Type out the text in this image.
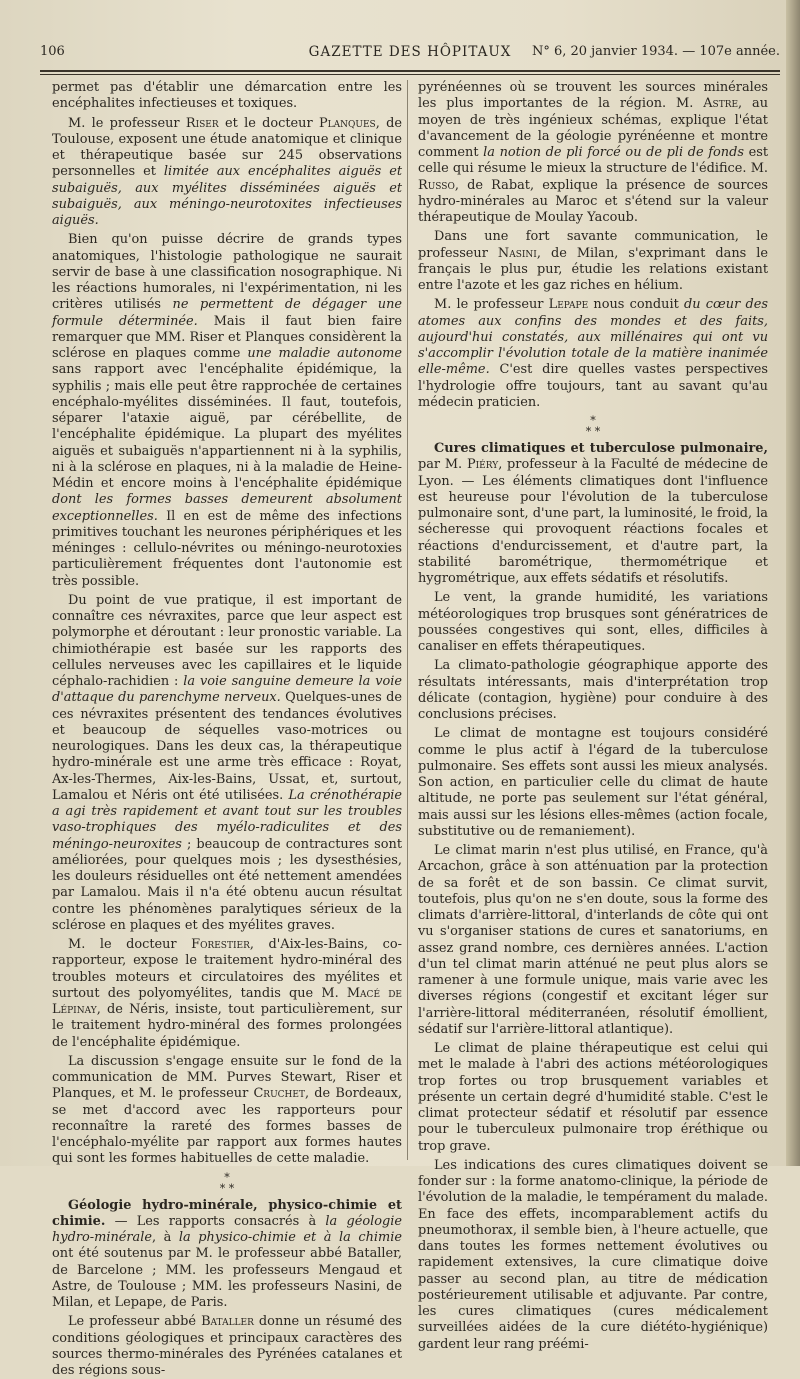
106	GAZETTE DES HÔPITAUX	N° 6, 20 janvier 1934. — 107e année.

permet pas d'établir une démarcation entre les encéphalites infectieuses et toxiques.

M. le professeur Riser et le docteur Planques, de Toulouse, exposent une étude anatomique et clinique et thérapeutique basée sur 245 observations personnelles et limitée aux encéphalites aiguës et subaiguës, aux myélites disséminées aiguës et subaiguës, aux méningo-neurotoxites infectieuses aiguës.

Bien qu'on puisse décrire de grands types anatomiques, l'histologie pathologique ne saurait servir de base à une classification nosographique. Ni les réactions humorales, ni l'expérimentation, ni les critères utilisés ne permettent de dégager une formule déterminée. Mais il faut bien faire remarquer que MM. Riser et Planques considèrent la sclérose en plaques comme une maladie autonome sans rapport avec l'encéphalite épidémique, la syphilis ; mais elle peut être rapprochée de certaines encéphalo-myélites disséminées. Il faut, toutefois, séparer l'ataxie aiguë, par cérébellite, de l'encéphalite épidémique. La plupart des myélites aiguës et subaiguës n'appartiennent ni à la syphilis, ni à la sclérose en plaques, ni à la maladie de Heine-Médin et encore moins à l'encéphalite épidémique dont les formes basses demeurent absolument exceptionnelles. Il en est de même des infections primitives touchant les neurones périphériques et les méninges : cellulo-névrites ou méningo-neurotoxies particulièrement fréquentes dont l'autonomie est très possible.

Du point de vue pratique, il est important de connaître ces névraxites, parce que leur aspect est polymorphe et déroutant : leur pronostic variable. La chimiothérapie est basée sur les rapports des cellules nerveuses avec les capillaires et le liquide céphalo-rachidien : la voie sanguine demeure la voie d'attaque du parenchyme nerveux. Quelques-unes de ces névraxites présentent des tendances évolutives et beaucoup de séquelles vaso-motrices ou neurologiques. Dans les deux cas, la thérapeutique hydro-minérale est une arme très efficace : Royat, Ax-les-Thermes, Aix-les-Bains, Ussat, et, surtout, Lamalou et Néris ont été utilisées. La crénothérapie a agi très rapidement et avant tout sur les troubles vaso-trophiques des myélo-radiculites et des méningo-neuroxites ; beaucoup de contractures sont améliorées, pour quelques mois ; les dysesthésies, les douleurs résiduelles ont été nettement amendées par Lamalou. Mais il n'a été obtenu aucun résultat contre les phénomènes paralytiques sérieux de la sclérose en plaques et des myélites graves.

M. le docteur Forestier, d'Aix-les-Bains, co-rapporteur, expose le traitement hydro-minéral des troubles moteurs et circulatoires des myélites et surtout des polyomyélites, tandis que M. Macé de Lépinay, de Néris, insiste, tout particulièrement, sur le traitement hydro-minéral des formes prolongées de l'encéphalite épidémique.

La discussion s'engage ensuite sur le fond de la communication de MM. Purves Stewart, Riser et Planques, et M. le professeur Cruchet, de Bordeaux, se met d'accord avec les rapporteurs pour reconnaître la rareté des formes basses de l'encéphalo-myélite par rapport aux formes hautes qui sont les formes habituelles de cette maladie.

*
* *

Géologie hydro-minérale, physico-chimie et chimie. — Les rapports consacrés à la géologie hydro-minérale, à la physico-chimie et à la chimie ont été soutenus par M. le professeur abbé Bataller, de Barcelone ; MM. les professeurs Mengaud et Astre, de Toulouse ; MM. les professeurs Nasini, de Milan, et Lepape, de Paris.

Le professeur abbé Bataller donne un résumé des conditions géologiques et principaux caractères des sources thermo-minérales des Pyrénées catalanes et des régions sous-

pyrénéennes où se trouvent les sources minérales les plus importantes de la région. M. Astre, au moyen de très ingénieux schémas, explique l'état d'avancement de la géologie pyrénéenne et montre comment la notion de pli forcé ou de pli de fonds est celle qui résume le mieux la structure de l'édifice. M. Russo, de Rabat, explique la présence de sources hydro-minérales au Maroc et s'étend sur la valeur thérapeutique de Moulay Yacoub.

Dans une fort savante communication, le professeur Nasini, de Milan, s'exprimant dans le français le plus pur, étudie les relations existant entre l'azote et les gaz riches en hélium.

M. le professeur Lepape nous conduit du cœur des atomes aux confins des mondes et des faits, aujourd'hui constatés, aux millénaires qui ont vu s'accomplir l'évolution totale de la matière inanimée elle-même. C'est dire quelles vastes perspectives l'hydrologie offre toujours, tant au savant qu'au médecin praticien.

*
* *

Cures climatiques et tuberculose pulmonaire, par M. Piéry, professeur à la Faculté de médecine de Lyon. — Les éléments climatiques dont l'influence est heureuse pour l'évolution de la tuberculose pulmonaire sont, d'une part, la luminosité, le froid, la sécheresse qui provoquent réactions focales et réactions d'endurcissement, et d'autre part, la stabilité barométrique, thermométrique et hygrométrique, aux effets sédatifs et résolutifs.

Le vent, la grande humidité, les variations météorologiques trop brusques sont génératrices de poussées congestives qui sont, elles, difficiles à canaliser en effets thérapeutiques.

La climato-pathologie géographique apporte des résultats intéressants, mais d'interprétation trop délicate (contagion, hygiène) pour conduire à des conclusions précises.

Le climat de montagne est toujours considéré comme le plus actif à l'égard de la tuberculose pulmonaire. Ses effets sont aussi les mieux analysés. Son action, en particulier celle du climat de haute altitude, ne porte pas seulement sur l'état général, mais aussi sur les lésions elles-mêmes (action focale, substitutive ou de remaniement).

Le climat marin n'est plus utilisé, en France, qu'à Arcachon, grâce à son atténuation par la protection de sa forêt et de son bassin. Ce climat survit, toutefois, plus qu'on ne s'en doute, sous la forme des climats d'arrière-littoral, d'interlands de côte qui ont vu s'organiser stations de cures et sanatoriums, en assez grand nombre, ces dernières années. L'action d'un tel climat marin atténué ne peut plus alors se ramener à une formule unique, mais varie avec les diverses régions (congestif et excitant léger sur l'arrière-littoral méditerranéen, résolutif émollient, sédatif sur l'arrière-littoral atlantique).

Le climat de plaine thérapeutique est celui qui met le malade à l'abri des actions météorologiques trop fortes ou trop brusquement variables et présente un certain degré d'humidité stable. C'est le climat protecteur sédatif et résolutif par essence pour le tuberculeux pulmonaire trop éréthique ou trop grave.

Les indications des cures climatiques doivent se fonder sur : la forme anatomo-clinique, la période de l'évolution de la maladie, le tempérament du malade. En face des effets, incomparablement actifs du pneumothorax, il semble bien, à l'heure actuelle, que dans toutes les formes nettement évolutives ou rapidement extensives, la cure climatique doive passer au second plan, au titre de médication postérieurement utilisable et adjuvante. Par contre, les cures climatiques (cures médicalement surveillées aidées de la cure diététo-hygiénique) gardent leur rang préémi-
